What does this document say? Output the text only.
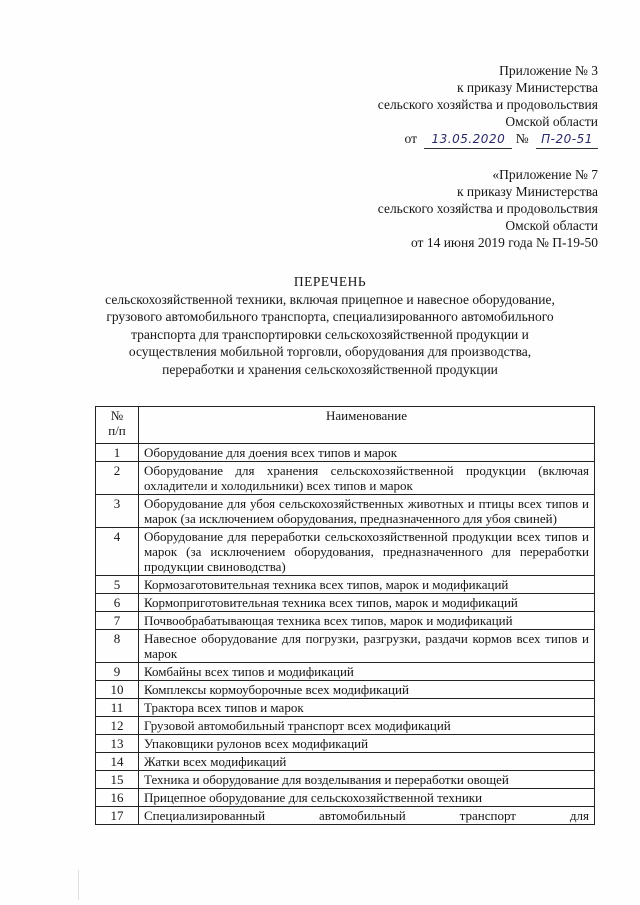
Приложение № 3
к приказу Министерства
сельского хозяйства и продовольствия
Омской области
от 13.05.2020 № П-20-51
«Приложение № 7
к приказу Министерства
сельского хозяйства и продовольствия
Омской области
от 14 июня 2019 года № П-19-50
ПЕРЕЧЕНЬ
сельскохозяйственной техники, включая прицепное и навесное оборудование,
грузового автомобильного транспорта, специализированного автомобильного
транспорта для транспортировки сельскохозяйственной продукции и
осуществления мобильной торговли, оборудования для производства,
переработки и хранения сельскохозяйственной продукции
№
п/п	Наименование
1	Оборудование для доения всех типов и марок
2	Оборудование для хранения сельскохозяйственной продукции (включая охладители и холодильники) всех типов и марок
3	Оборудование для убоя сельскохозяйственных животных и птицы всех типов и марок (за исключением оборудования, предназначенного для убоя свиней)
4	Оборудование для переработки сельскохозяйственной продукции всех типов и марок (за исключением оборудования, предназначенного для переработки продукции свиноводства)
5	Кормозаготовительная техника всех типов, марок и модификаций
6	Кормоприготовительная техника всех типов, марок и модификаций
7	Почвообрабатывающая техника всех типов, марок и модификаций
8	Навесное оборудование для погрузки, разгрузки, раздачи кормов всех типов и марок
9	Комбайны всех типов и модификаций
10	Комплексы кормоуборочные всех модификаций
11	Трактора всех типов и марок
12	Грузовой автомобильный транспорт всех модификаций
13	Упаковщики рулонов всех модификаций
14	Жатки всех модификаций
15	Техника и оборудование для возделывания и переработки овощей
16	Прицепное оборудование для сельскохозяйственной техники
17	Специализированный автомобильный транспорт для
